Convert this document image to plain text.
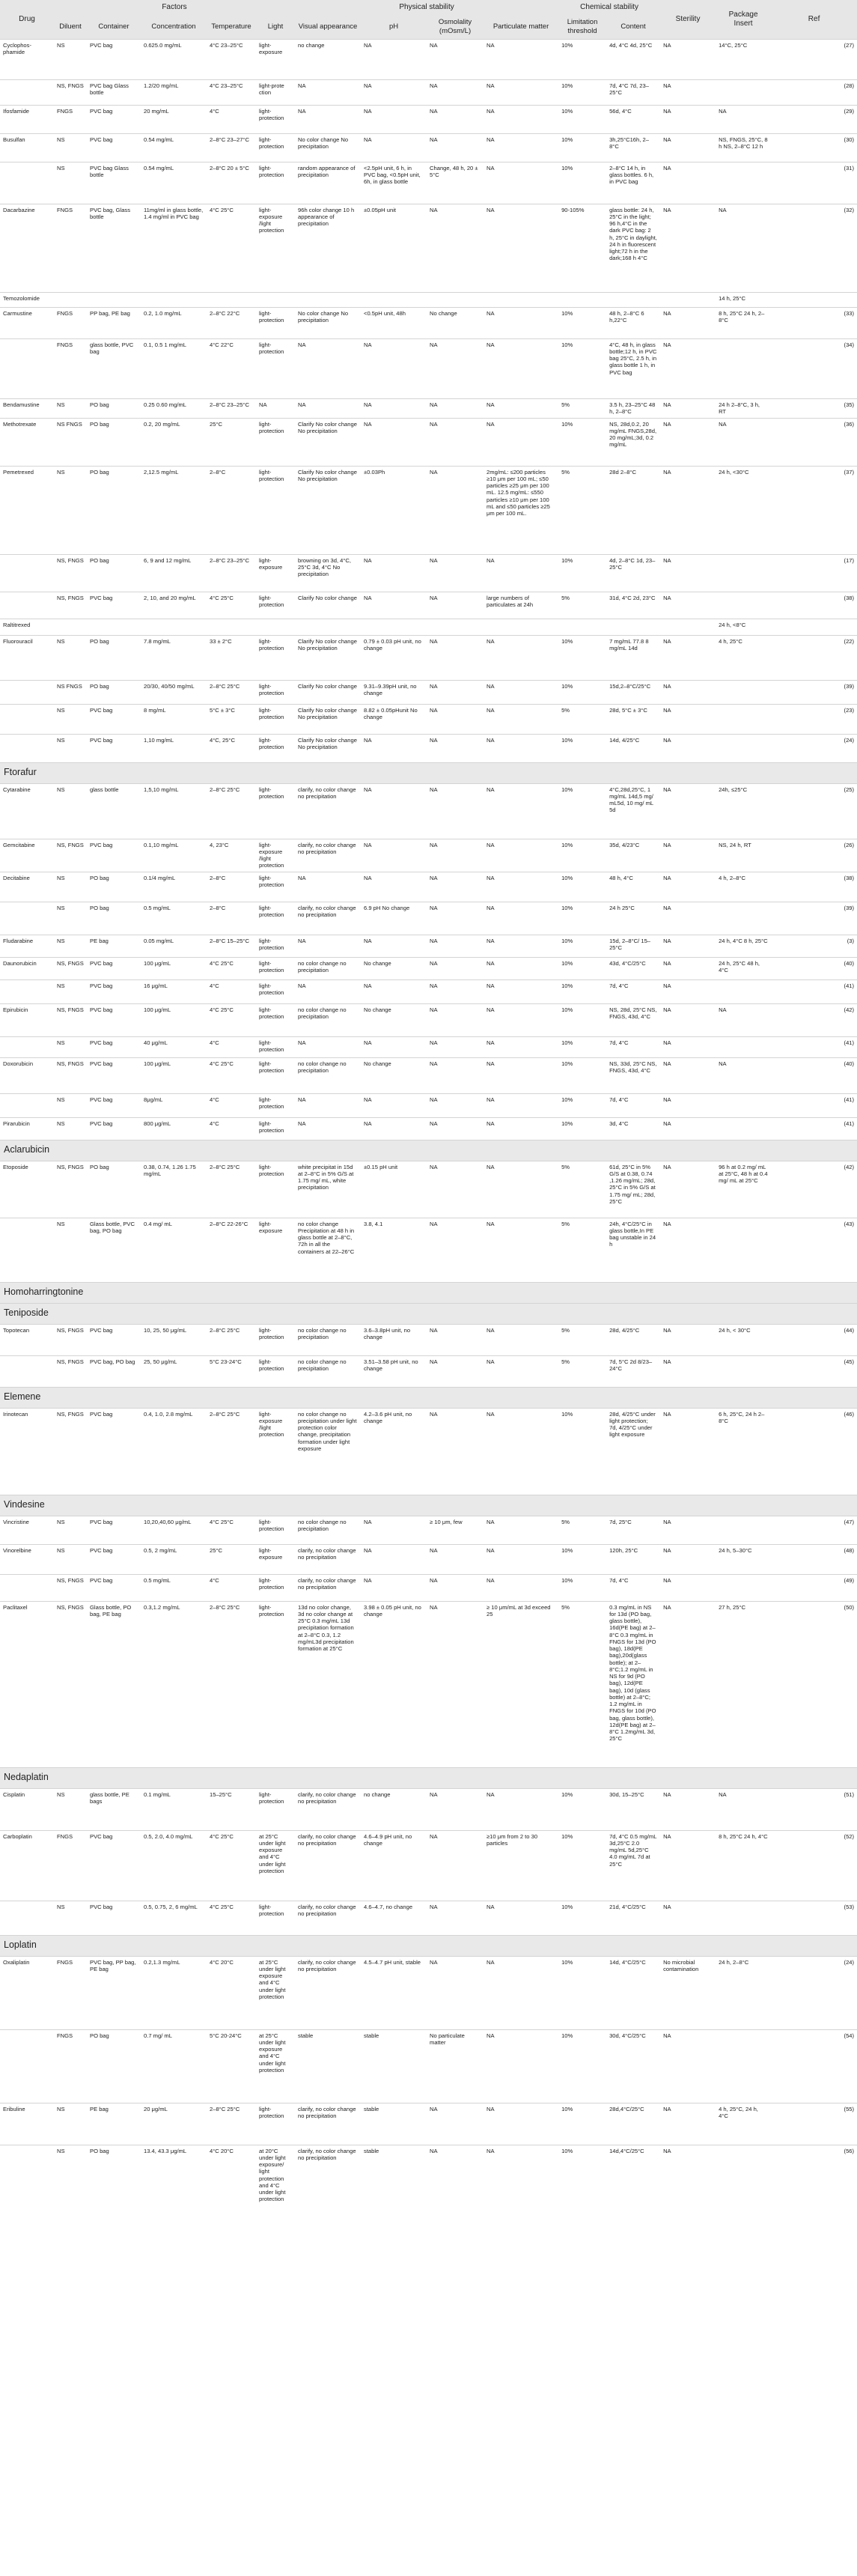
Drug	Factors					Physical stability				Chemical stability		Sterility	Package Insert	Ref
	Diluent	Container	Concentration	Temperature	Light	Visual appearance	pH	Osmolality (mOsm/L)	Particulate matter	Limitation threshold	Content			
Cyclophos-phamide	NS	PVC bag	0.625.0 mg/mL	4°C 23–25°C	light-exposure	no change	NA	NA	NA	10%	4d, 4°C 4d, 25°C	NA	14°C, 25°C	(27)
	NS, FNGS	PVC bag Glass bottle	1.2/20 mg/mL	4°C 23–25°C	light-prote ction	NA	NA	NA	NA	10%	7d, 4°C 7d, 23–25°C	NA		(28)
Ifosfamide	FNGS	PVC bag	20 mg/mL	4°C	light-protection	NA	NA	NA	NA	10%	56d, 4°C	NA	NA	(29)
Busulfan	NS	PVC bag	0.54 mg/mL	2–8°C 23–27°C	light-protection	No color change No precipitation	NA	NA	NA	10%	3h,25°C16h, 2–8°C	NA	NS, FNGS, 25°C, 8 h NS, 2–8°C 12 h	(30)
	NS	PVC bag Glass bottle	0.54 mg/mL	2–8°C 20 ± 5°C	light-protection	random appearance of precipitation	<2.5pH unit, 6 h, in PVC bag, <0.5pH unit, 6h, in glass bottle	Change, 48 h, 20 ± 5°C	NA	10%	2–8°C 14 h, in glass bottles. 6 h, in PVC bag	NA		(31)
Dacarbazine	FNGS	PVC bag, Glass bottle	11mg/ml in glass bottle, 1.4 mg/ml in PVC bag	4°C 25°C	light-exposure /light protection	96h color change 10 h appearance of precipitation	±0.05pH unit	NA	NA	90-105%	glass bottle: 24 h, 25°C in the light; 96 h,4°C in the dark PVC bag: 2 h, 25°C in daylight, 24 h in fluorescent light;72 h in the dark;168 h 4°C	NA	NA	(32)
Temozolomide													14 h, 25°C	
Carmustine	FNGS	PP bag, PE bag	0.2, 1.0 mg/mL	2–8°C 22°C	light-protection	No color change No precipitation	<0.5pH unit, 48h	No change	NA	10%	48 h, 2–8°C 6 h,22°C	NA	8 h, 25°C 24 h, 2–8°C	(33)
	FNGS	glass bottle, PVC bag	0.1, 0.5 1 mg/mL	4°C 22°C	light-protection	NA	NA	NA	NA	10%	4°C, 48 h, in glass bottle;12 h, in PVC bag 25°C, 2.5 h, in glass bottle 1 h, in PVC bag	NA		(34)
Bendamustine	NS	PO bag	0.25 0.60 mg/mL	2–8°C 23–25°C	NA	NA	NA	NA	NA	5%	3.5 h, 23–25°C 48 h, 2–8°C	NA	24 h 2–8°C, 3 h, RT	(35)
Methotrexate	NS FNGS	PO bag	0.2, 20 mg/mL	25°C	light-protection	Clarify No color change No precipitation	NA	NA	NA	10%	NS, 28d,0.2, 20 mg/mL FNGS,28d, 20 mg/mL;3d, 0.2 mg/mL	NA	NA	(36)
Pemetrexed	NS	PO bag	2,12.5 mg/mL	2–8°C	light-protection	Clarify No color change No precipitation	±0.03Ph	NA	2mg/mL: ≤200 particles ≥10 μm per 100 mL; ≤50 particles ≥25 μm per 100 mL. 12.5 mg/mL: ≤550 particles ≥10 μm per 100 mL and ≤50 particles ≥25 μm per 100 mL.	5%	28d 2–8°C	NA	24 h, <30°C	(37)
	NS, FNGS	PO bag	6, 9 and 12 mg/mL	2–8°C 23–25°C	light-exposure	browning on 3d, 4°C, 25°C 3d, 4°C No precipitation	NA	NA	NA	10%	4d, 2–8°C 1d, 23–25°C	NA		(17)
	NS, FNGS	PVC bag	2, 10, and 20 mg/mL	4°C 25°C	light-protection	Clarify No color change	NA	NA	large numbers of particulates at 24h	5%	31d, 4°C 2d, 23°C	NA		(38)
Raltitrexed													24 h, <8°C	
Fluorouracil	NS	PO bag	7.8 mg/mL	33 ± 2°C	light-protection	Clarify No color change No precipitation	0.79 ± 0.03 pH unit, no change	NA	NA	10%	7 mg/mL 77.8 8 mg/mL 14d	NA	4 h, 25°C	(22)
	NS FNGS	PO bag	20/30, 40/50 mg/mL	2–8°C 25°C	light-protection	Clarify No color change	9.31–9.39pH unit, no change	NA	NA	10%	15d,2–8°C/25°C	NA		(39)
	NS	PVC bag	8 mg/mL	5°C ± 3°C	light-protection	Clarify No color change No precipitation	8.82 ± 0.05pHunit No change	NA	NA	5%	28d, 5°C ± 3°C	NA		(23)
	NS	PVC bag	1,10 mg/mL	4°C, 25°C	light-protection	Clarify No color change No precipitation	NA	NA	NA	10%	14d, 4/25°C	NA		(24)
Ftorafur														
Cytarabine	NS	glass bottle	1,5,10 mg/mL	2–8°C 25°C	light-protection	clarify, no color change no precipitation	NA	NA	NA	10%	4°C,28d,25°C, 1 mg/mL 14d,5 mg/ mL5d, 10 mg/ mL 5d	NA	24h, ≤25°C	(25)
Gemcitabine	NS, FNGS	PVC bag	0.1,10 mg/mL	4, 23°C	light-exposure /light protection	clarify, no color change no precipitation	NA	NA	NA	10%	35d, 4/23°C	NA	NS, 24 h, RT	(26)
Decitabine	NS	PO bag	0.1/4 mg/mL	2–8°C	light-protection	NA	NA	NA	NA	10%	48 h, 4°C	NA	4 h, 2–8°C	(38)
	NS	PO bag	0.5 mg/mL	2–8°C	light-protection	clarify, no color change no precipitation	6.9 pH No change	NA	NA	10%	24 h 25°C	NA		(39)
Fludarabine	NS	PE bag	0.05 mg/mL	2–8°C 15–25°C	light-protection	NA	NA	NA	NA	10%	15d, 2–8°C/ 15–25°C	NA	24 h, 4°C 8 h, 25°C	(3)
Daunorubicin	NS, FNGS	PVC bag	100 μg/mL	4°C 25°C	light-protection	no color change no precipitation	No change	NA	NA	10%	43d, 4°C/25°C	NA	24 h, 25°C 48 h, 4°C	(40)
	NS	PVC bag	16 μg/mL	4°C	light-protection	NA	NA	NA	NA	10%	7d, 4°C	NA		(41)
Epirubicin	NS, FNGS	PVC bag	100 μg/mL	4°C 25°C	light-protection	no color change no precipitation	No change	NA	NA	10%	NS, 28d, 25°C NS, FNGS, 43d, 4°C	NA	NA	(42)
	NS	PVC bag	40 μg/mL	4°C	light-protection	NA	NA	NA	NA	10%	7d, 4°C	NA		(41)
Doxorubicin	NS, FNGS	PVC bag	100 μg/mL	4°C 25°C	light-protection	no color change no precipitation	No change	NA	NA	10%	NS, 33d, 25°C NS, FNGS, 43d, 4°C	NA	NA	(40)
	NS	PVC bag	8μg/mL	4°C	light-protection	NA	NA	NA	NA	10%	7d, 4°C	NA		(41)
Pirarubicin	NS	PVC bag	800 μg/mL	4°C	light-protection	NA	NA	NA	NA	10%	3d, 4°C	NA		(41)
Aclarubicin														
Etoposide	NS, FNGS	PO bag	0.38, 0.74, 1.26 1.75 mg/mL	2–8°C 25°C	light-protection	white precipitat in 15d at 2–8°C in 5% G/S at 1.75 mg/ mL, white precipitation	±0.15 pH unit	NA	NA	5%	61d, 25°C in 5% G/S at 0.38, 0.74 ,1.26 mg/mL; 28d, 25°C in 5% G/S at 1.75 mg/ mL; 28d, 25°C	NA	96 h at 0.2 mg/ mL at 25°C, 48 h at 0.4 mg/ mL at 25°C	(42)
	NS	Glass bottle, PVC bag, PO bag	0.4 mg/ mL	2–8°C 22-26°C	light-exposure	no color change Precipitation at 48 h in glass bottle at 2–8°C, 72h in all the containers at 22–26°C	3.8, 4.1	NA	NA	5%	24h, 4°C/25°C in glass bottle,In PE bag unstable in 24 h	NA		(43)
Homoharringtonine														
Teniposide														
Topotecan	NS, FNGS	PVC bag	10, 25, 50 μg/mL	2–8°C 25°C	light-protection	no color change no precipitation	3.6–3.8pH unit, no change	NA	NA	5%	28d, 4/25°C	NA	24 h, < 30°C	(44)
	NS, FNGS	PVC bag, PO bag	25, 50 μg/mL	5°C 23-24°C	light-protection	no color change no precipitation	3.51–3.58 pH unit, no change	NA	NA	5%	7d, 5°C 2d 8/23–24°C	NA		(45)
Elemene														
Irinotecan	NS, FNGS	PVC bag	0.4, 1.0, 2.8 mg/mL	2–8°C 25°C	light-exposure /light protection	no color change no precipitation under light protection color change, precipitation formation under light exposure	4.2–3.6 pH unit, no change	NA	NA	10%	28d, 4/25°C under light protection; 7d, 4/25°C under light exposure	NA	6 h, 25°C, 24 h 2–8°C	(46)
Vindesine														
Vincristine	NS	PVC bag	10,20,40,60 μg/mL	4°C 25°C	light-protection	no color change no precipitation	NA	≥ 10 μm, few	NA	5%	7d, 25°C	NA		(47)
Vinorelbine	NS	PVC bag	0.5, 2 mg/mL	25°C	light-exposure	clarify, no color change no precipitation	NA	NA	NA	10%	120h, 25°C	NA	24 h, 5–30°C	(48)
	NS, FNGS	PVC bag	0.5 mg/mL	4°C	light-protection	clarify, no color change no precipitation	NA	NA	NA	10%	7d, 4°C	NA		(49)
Paclitaxel	NS, FNGS	Glass bottle, PO bag, PE bag	0.3,1.2 mg/mL	2–8°C 25°C	light-protection	13d no color change, 3d no color change at 25°C 0.3 mg/mL 13d precipitation formation at 2–8°C 0.3, 1.2 mg/mL3d precipitation formation at 25°C	3.98 ± 0.05 pH unit, no change	NA	≥ 10 μm/mL at 3d exceed 25	5%	0.3 mg/mL in NS for 13d (PO bag, glass bottle), 16d(PE bag) at 2–8°C 0.3 mg/mL in FNGS for 13d (PO bag), 18d(PE bag),20d(glass bottle); at 2–8°C;1.2 mg/mL in NS for 9d (PO bag), 12d(PE bag), 10d (glass bottle) at 2–8°C; 1.2 mg/mL in FNGS for 10d (PO bag, glass bottle), 12d(PE bag) at 2–8°C 1.2mg/mL 3d, 25°C	NA	27 h, 25°C	(50)
Nedaplatin														
Cisplatin	NS	glass bottle, PE bags	0.1 mg/mL	15–25°C	light-protection	clarify, no color change no precipitation	no change	NA	NA	10%	30d, 15–25°C	NA	NA	(51)
Carboplatin	FNGS	PVC bag	0.5, 2.0, 4.0 mg/mL	4°C 25°C	at 25°C under light exposure and 4°C under light protection	clarify, no color change no precipitation	4.6–4.9 pH unit, no change	NA	≥10 μm from 2 to 30 particles	10%	7d, 4°C 0.5 mg/mL 3d,25°C 2.0 mg/mL 5d,25°C 4.0 mg/mL 7d at 25°C	NA	8 h, 25°C 24 h, 4°C	(52)
	NS	PVC bag	0.5, 0.75, 2, 6 mg/mL	4°C 25°C	light-protection	clarify, no color change no precipitation	4.6–4.7, no change	NA	NA	10%	21d, 4°C/25°C	NA		(53)
Loplatin														
Oxaliplatin	FNGS	PVC bag, PP bag, PE bag	0.2,1.3 mg/mL	4°C 20°C	at 25°C under light exposure and 4°C under light protection	clarify, no color change no precipitation	4.5–4.7 pH unit, stable	NA	NA	10%	14d, 4°C/25°C	No microbial contamination	24 h, 2–8°C	(24)
	FNGS	PO bag	0.7 mg/ mL	5°C 20-24°C	at 25°C under light exposure and 4°C under light protection	stable	stable	No particulate matter	NA	10%	30d, 4°C/25°C	NA		(54)
Eribuline	NS	PE bag	20 μg/mL	2–8°C 25°C	light-protection	clarify, no color change no precipitation	stable	NA	NA	10%	28d,4°C/25°C	NA	4 h, 25°C, 24 h, 4°C	(55)
	NS	PO bag	13.4, 43.3 μg/mL	4°C 20°C	at 20°C under light exposure/ light protection and 4°C under light protection	clarify, no color change no precipitation	stable	NA	NA	10%	14d,4°C/25°C	NA		(56)
